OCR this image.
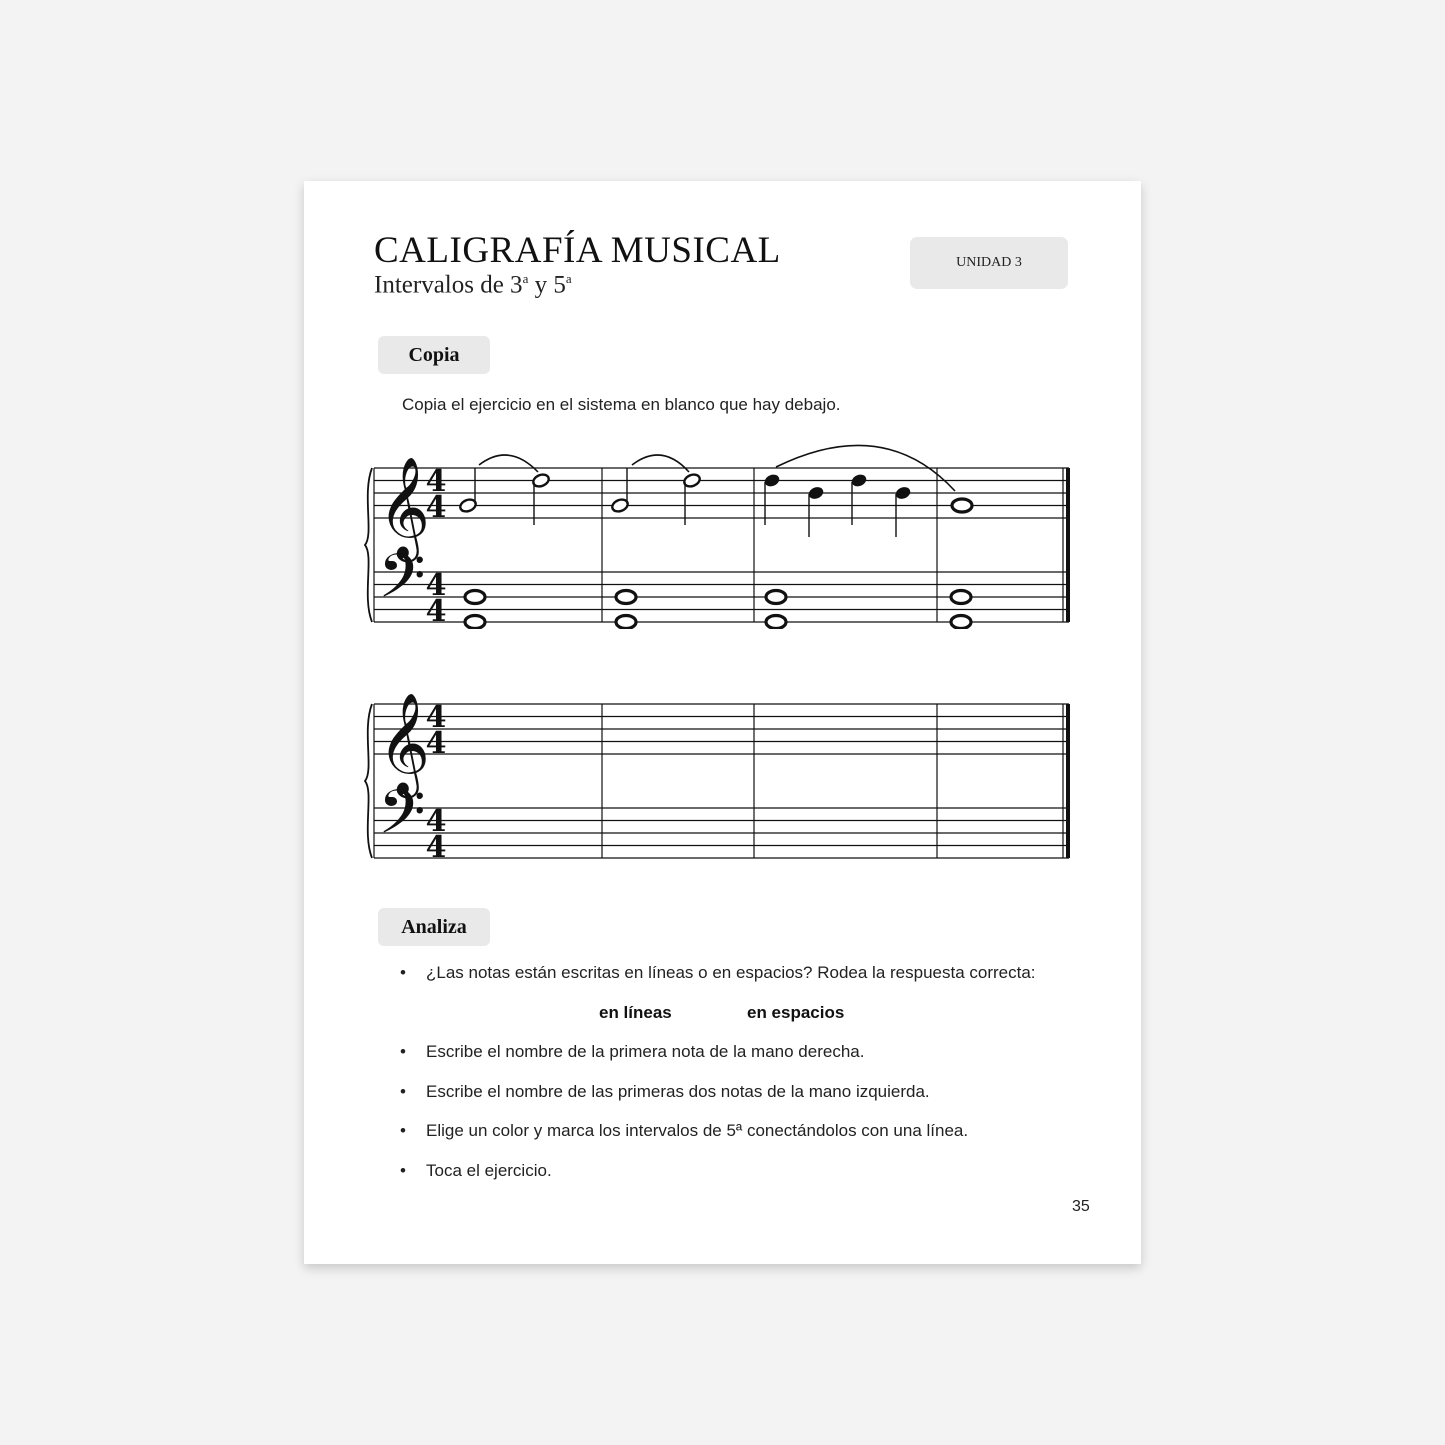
CALIGRAFÍA MUSICAL
Intervalos de 3$^a$ y 5$^a$
UNIDAD 3
Copia
Copia el ejercicio en el sistema en blanco que hay debajo.
𝄞
𝄢
4
4
4
4
𝄞
𝄢
4
4
4
4
Analiza
• ¿Las notas están escritas en líneas o en espacios? Rodea la respuesta correcta:
en líneas	en espacios
• Escribe el nombre de la primera nota de la mano derecha.
• Escribe el nombre de las primeras dos notas de la mano izquierda.
• Elige un color y marca los intervalos de 5ª conectándolos con una línea.
• Toca el ejercicio.
35
